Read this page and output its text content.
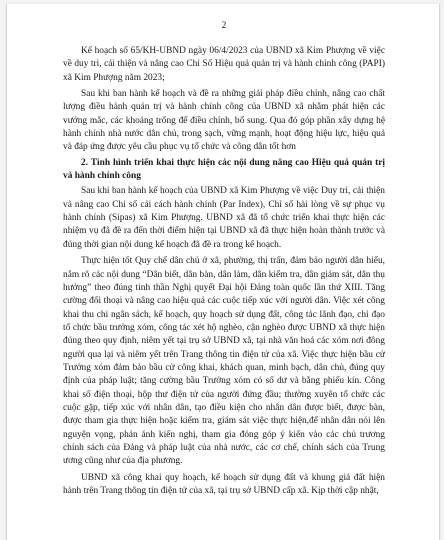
2

Kế hoạch số 65/KH-UBND ngày 06/4/2023 của UBND xã Kim Phượng về việc về duy trì, cải thiện và nâng cao Chỉ Số Hiệu quả quản trị và hành chính công (PAPI) xã Kim Phượng năm 2023;

Sau khi ban hành kế hoạch và đề ra những giải pháp điều chỉnh, nâng cao chất lượng điều hành quản trị và hành chính công của UBND xã nhằm phát hiện các vướng mắc, các khoảng trống để điều chỉnh, bổ sung. Qua đó góp phần xây dựng hệ hành chính nhà nước dân chủ, trong sạch, vững mạnh, hoạt động hiệu lực, hiệu quả và đáp ứng được yêu cầu phục vụ tổ chức và công dân tốt hơn

2. Tình hình triển khai thực hiện các nội dung nâng cao Hiệu quả quản trị và hành chính công

Sau khi ban hành kế hoạch của UBND xã Kim Phượng về việc Duy trì, cải thiện và nâng cao Chỉ số cải cách hành chính (Par Index), Chỉ số hài lòng về sự phục vụ hành chính (Sipas) xã Kim Phượng. UBND xã đã tổ chức triển khai thực hiện các nhiệm vụ đã đề ra đến thời điểm hiện tại UBND xã đã thực hiện hoàn thành trước và đúng thời gian nội dung kế hoạch đã đề ra trong kế hoạch.

Thực hiện tốt Quy chế dân chủ ở xã, phường, thị trấn, đảm bảo người dân hiểu, nắm rõ các nội dung “Dân biết, dân bàn, dân làm, dân kiểm tra, dân giám sát, dân thụ hưởng” theo đúng tinh thần Nghị quyết Đại hội Đảng toàn quốc lần thứ XIII. Tăng cường đối thoại và nâng cao hiệu quả các cuộc tiếp xúc với người dân. Việc xét công khai thu chi ngân sách, kế hoạch, quy hoạch sử dụng đất, công tác lãnh đạo, chỉ đạo tổ chức bầu trưởng xóm, công tác xét hộ nghèo, cận nghèo được UBND xã thực hiện đúng theo quy định, niêm yết tại trụ sở UBND xã, tại nhà văn hoá các xóm nơi đông người qua lại và niêm yết trên Trang thông tin điện tử của xã. Việc thực hiện bầu cử Trưởng xóm đảm bảo bầu cử công khai, khách quan, minh bạch, dân chủ, đúng quy định của pháp luật; tăng cường bầu Trưởng xóm có số dư và bằng phiếu kín. Công khai số điện thoại, hộp thư điện tử của người đứng đầu; thường xuyên tổ chức các cuộc gặp, tiếp xúc với nhân dân, tạo điều kiện cho nhân dân được biết, được bàn, được tham gia thực hiện hoặc kiểm tra, giám sát việc thực hiện,để nhân dân nói lên nguyện vọng, phản ánh kiến nghị, tham gia đóng góp ý kiến vào các chủ trương chính sách của Đảng và pháp luật của nhà nước, các cơ chế, chính sách của Trung ương cũng như của địa phương.

UBND xã công khai quy hoạch, kế hoạch sử dụng đất và khung giá đất hiện hành trên Trang thông tin điện tử của xã, tại trụ sở UBND cấp xã. Kịp thời cập nhật,
